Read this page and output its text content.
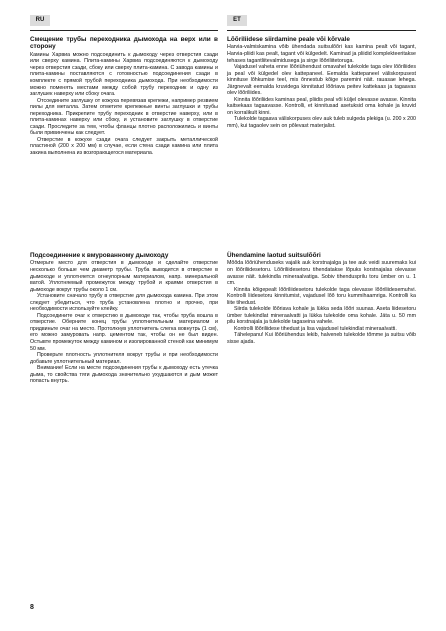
RU	ET
Смещение трубы переходника дымохода на верх или в сторону

Камины Харвиа можно подсоединить к дымоходу через отверстия сзади или сверху камина. Плита-камины Харвиа подсоединяются к дымоходу через отверстия сзади, сбоку или сверху плита-камина. С завода камины и плита-камины поставляются с готовностью подсоединения сзади в комплекте с прямой трубой переходника дымохода. При необходимости можно поменять местами между собой трубу переходник и одну из заглушек наверху или сбоку очага.

Отсоедините заглушку от кожуха перевязав крепежи, например резвием пилы для металла. Затем отметите крепежные винты заглушки и трубы переходника. Прикрепите трубу переходник в отверстие наверху, или в плита-каминах наверху или сбоку, и установите заглушку в отверстие сзади. Проследите за тем, чтобы фланцы плотно расположились и винты были привинчены как следует.

Отверстие в кожухе сзади очага следует закрыть металлической пластиной (200 x 200 мм) в случае, если стена сзади камина или плита закина выполнена из возгорающегося материала.

Подсоединение к вмурованному дымоходу

Отмерьте место для отверстия в дымоходе и сделайте отверстие несколько больше чем диаметр трубы. Труба выводится в отверстие в дымоходе и уплотняется огнеупорным материалом, напр. минеральной ватой. Уплотняемый промежуток между трубой и краями отверстия в дымоходе вокруг трубы около 1 см.

Установите сначало трубу в отверстие для дымохода камина. При этом следует убедиться, что труба установлена плотно и прочно, при необходимости используйте клейку.

Подсоедините очаг к отверстию в дымоходе так, чтобы труба вошла в отверстие. Оберните конец трубы уплотнительным материалом и придвиньте очаг на место. Протолкнув уплотнитель слегка вовнутрь (1 см), его можно замуровать напр. цементом так, чтобы он не был виден. Остывте промежуток между камином и изолированной стеной как минимум 50 мм.

Проверьте плотность уплотнителя вокруг трубы и при необходимости добавьте уплотнительный материал.

Внимание! Если на месте подсоединения трубы к дымоходу есть утечка дыма, то свойства тяги дымохода значительно ухудшаются и дым может попасть внутрь.

Lõõriliidese siirdamine peale või kõrvale

Harvia-valmiskamina võib ühendada suitsulõõri kas kamina pealt või tagant, Harvia-pliidi kas pealt, tagant või külgedelt. Kaminad ja pliidid komplekteeritakse tehases tagantliitevalmidusega ja sirge lõõriliitetoruga.

Vajadusel vaheta enne lõõriühendust omavahel tulekolde taga olev lõõriliides ja peal või külgedel olev kattepaneel. Eemalda kattepaneel väliskorpusest kinnituse lõhkumise teel, mis õnnestub kõige paremini näit. rauasae lehega. Järgnevalt eemalda kruvidega kinnitatud lõõriava peitev kattekaas ja tagaavas olev lõõriliides.

Kinnita lõõriliides kaminas peal, pliidis peal või küljel olevasse avasse. Kinnita kaitsekaas tagaavasse. Kontrolli, et kinnitusad asetuksid oma kohale ja kruvid on korralikult kinni.

Tulekolde tagaava väliskorpuses olev auk tuleb sulgeda plekiga (u. 200 x 200 mm), kui tagaolev sein on põlevast materjalist.

Ühendamine laotud suitsulõõri

Mõõda lõõriühenduseks vajalik auk korstnajalga ja tee auk veidi suuremaks kui on lõõriliidesetoru. Lõõriliidesetoru tihendatakse lõpuks korstnajalas olevasse avasse näit. tulekindla mineraalvatiga. Sobiv tihendusprilu toru ümber on u. 1 cm.

Kinnita kõigepealt lõõriliidesetoru tulekolde taga olevasse lõõriliidesemuhvi. Kontrolli liidesetoru kinnitumist, vajadusel lõõ toru kummihaamriga. Kontrolli ka liite tihedust.

Siirda tulekolde lõõriava kohale ja lükka seda lõõri suunas. Aseta liidesetoru ümber tulekindlat mineraalvatti ja lükka tulekolde oma kohale. Jäta u. 50 mm pilu korstnajala ja tulekolde tagaseina vahele.

Kontrolli lõõriliidese tihedust ja lisa vajadusel tulekindlat mineraalvatti.

Tähelepanu! Kui lõõriühendus lekib, halveneb tulekolde tõmme ja suitsu võib sisse ajada.

8
